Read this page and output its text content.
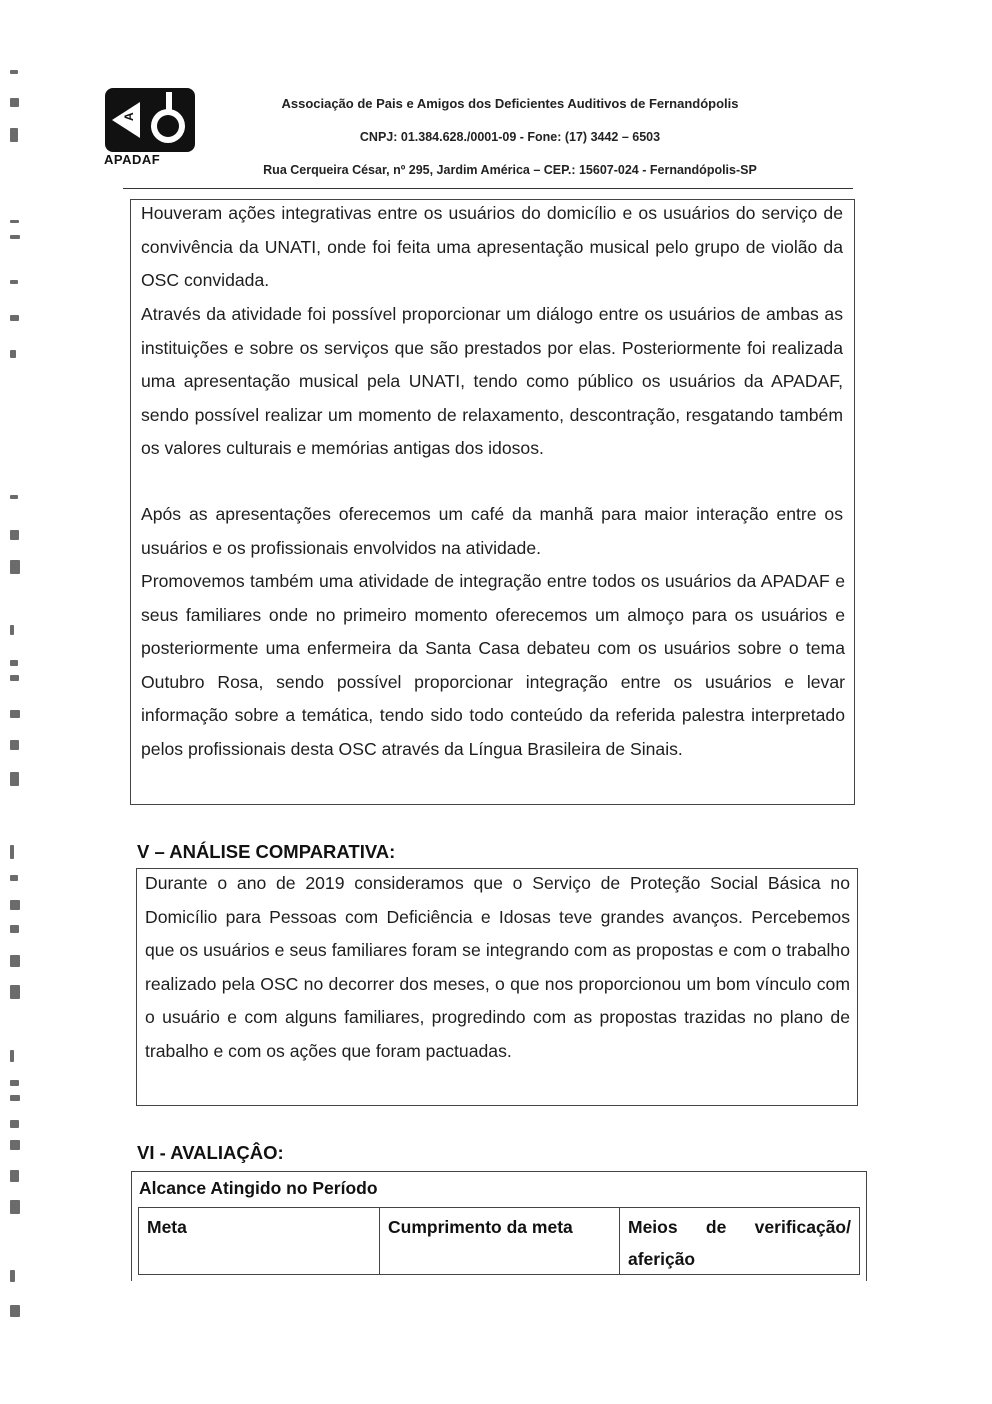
A
APADAF
Associação de Pais e Amigos dos Deficientes Auditivos de Fernandópolis
CNPJ: 01.384.628./0001-09 - Fone: (17) 3442 – 6503
Rua Cerqueira César, nº 295, Jardim América – CEP.: 15607-024 - Fernandópolis-SP
Houveram ações integrativas entre os usuários do domicílio e os usuários do serviço de convivência da UNATI, onde foi feita uma apresentação musical pelo grupo de violão da OSC convidada.
Através da atividade foi possível proporcionar um diálogo entre os usuários de ambas as instituições e sobre os serviços que são prestados por elas. Posteriormente foi realizada uma apresentação musical pela UNATI, tendo como público os usuários da APADAF, sendo possível realizar um momento de relaxamento, descontração, resgatando também os valores culturais e memórias antigas dos idosos.
Após as apresentações oferecemos um café da manhã para maior interação entre os usuários e os profissionais envolvidos na atividade.
Promovemos também uma atividade de integração entre todos os usuários da APADAF e seus familiares onde no primeiro momento oferecemos um almoço para os usuários e posteriormente uma enfermeira da Santa Casa debateu com os usuários sobre o tema Outubro Rosa, sendo possível proporcionar integração entre os usuários e levar informação sobre a temática, tendo sido todo conteúdo da referida palestra interpretado pelos profissionais desta OSC através da Língua Brasileira de Sinais.
V – ANÁLISE COMPARATIVA:
Durante o ano de 2019 consideramos que o Serviço de Proteção Social Básica no Domicílio para Pessoas com Deficiência e Idosas teve grandes avanços. Percebemos que os usuários e seus familiares foram se integrando com as propostas e com o trabalho realizado pela OSC no decorrer dos meses, o que nos proporcionou um bom vínculo com o usuário e com alguns familiares, progredindo com as propostas trazidas no plano de trabalho e com os ações que foram pactuadas.
VI - AVALIAÇÂO:
Alcance Atingido no Período
Meta	Cumprimento da meta	Meios de verificação/ aferição
